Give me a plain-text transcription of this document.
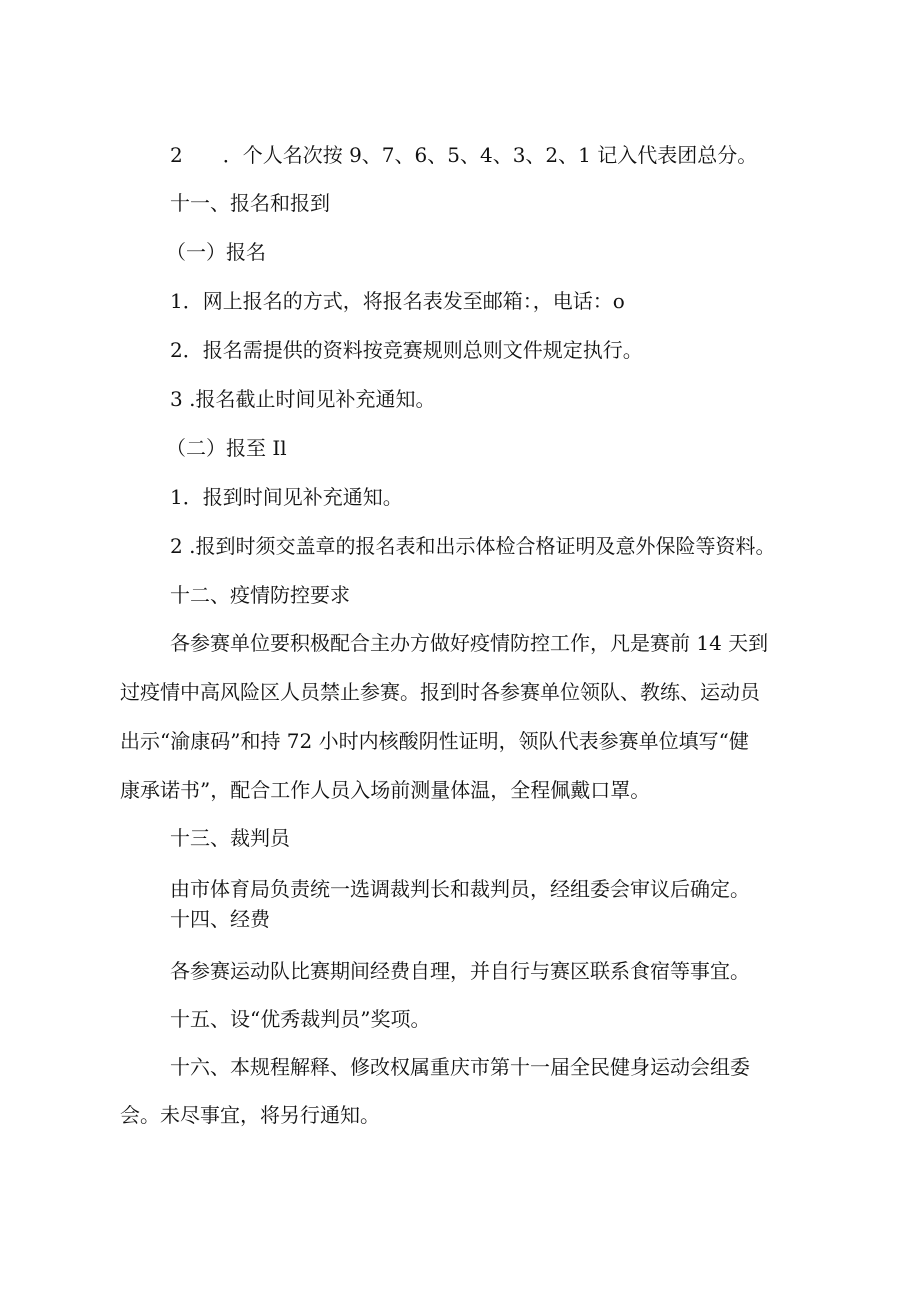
2　　．个人名次按 9、7、6、5、4、3、2、1 记入代表团总分。
十一、报名和报到
（一）报名
1．网上报名的方式，将报名表发至邮箱：，电话：o
2．报名需提供的资料按竞赛规则总则文件规定执行。
3 .报名截止时间见补充通知。
（二）报至 Il
1．报到时间见补充通知。
2 .报到时须交盖章的报名表和出示体检合格证明及意外保险等资料。
十二、疫情防控要求
各参赛单位要积极配合主办方做好疫情防控工作，凡是赛前 14 天到
过疫情中高风险区人员禁止参赛。报到时各参赛单位领队、教练、运动员
出示“渝康码”和持 72 小时内核酸阴性证明，领队代表参赛单位填写“健
康承诺书”，配合工作人员入场前测量体温，全程佩戴口罩。
十三、裁判员
由市体育局负责统一选调裁判长和裁判员，经组委会审议后确定。
十四、经费
各参赛运动队比赛期间经费自理，并自行与赛区联系食宿等事宜。
十五、设“优秀裁判员”奖项。
十六、本规程解释、修改权属重庆市第十一届全民健身运动会组委
会。未尽事宜，将另行通知。
